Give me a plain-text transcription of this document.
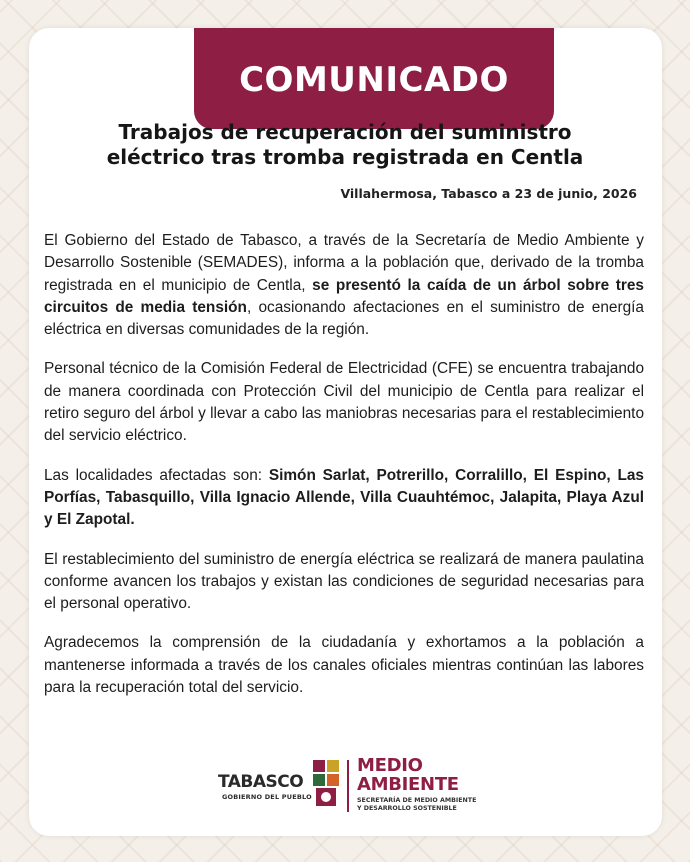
COMUNICADO
Trabajos de recuperación del suministro
eléctrico tras tromba registrada en Centla
Villahermosa, Tabasco a 23 de junio, 2026

El Gobierno del Estado de Tabasco, a través de la Secretaría de Medio Ambiente y Desarrollo Sostenible (SEMADES), informa a la población que, derivado de la tromba registrada en el municipio de Centla, se presentó la caída de un árbol sobre tres circuitos de media tensión, ocasionando afectaciones en el suministro de energía eléctrica en diversas comunidades de la región.

Personal técnico de la Comisión Federal de Electricidad (CFE) se encuentra trabajando de manera coordinada con Protección Civil del municipio de Centla para realizar el retiro seguro del árbol y llevar a cabo las maniobras necesarias para el restablecimiento del servicio eléctrico.

Las localidades afectadas son: Simón Sarlat, Potrerillo, Corralillo, El Espino, Las Porfías, Tabasquillo, Villa Ignacio Allende, Villa Cuauhtémoc, Jalapita, Playa Azul y El Zapotal.

El restablecimiento del suministro de energía eléctrica se realizará de manera paulatina conforme avancen los trabajos y existan las condiciones de seguridad necesarias para el personal operativo.

Agradecemos la comprensión de la ciudadanía y exhortamos a la población a mantenerse informada a través de los canales oficiales mientras continúan las labores para la recuperación total del servicio.

TABASCO
GOBIERNO DEL PUEBLO
MEDIO
AMBIENTE
SECRETARÍA DE MEDIO AMBIENTE
Y DESARROLLO SOSTENIBLE
